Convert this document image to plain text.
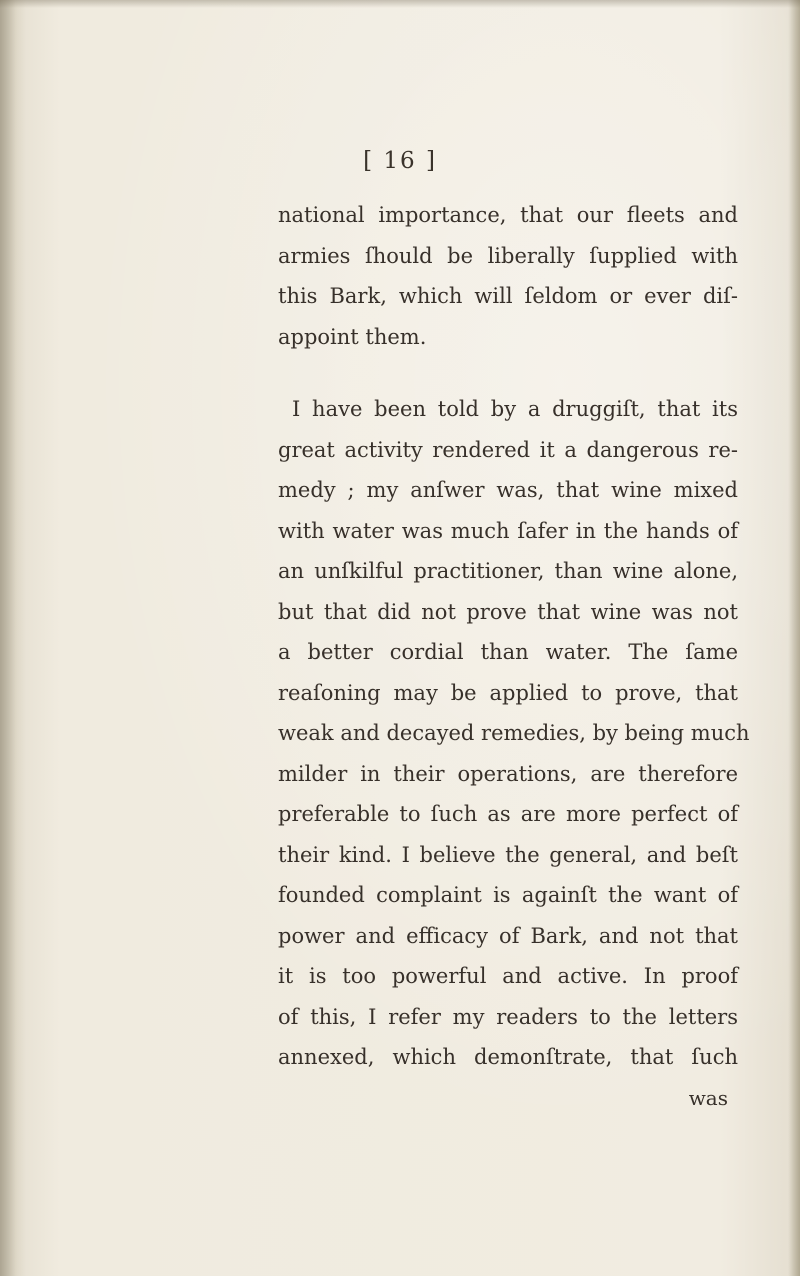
[ 16 ]
national importance, that our fleets and
armies ſhould be liberally ſupplied with
this Bark, which will ſeldom or ever diſ-
appoint them.
I have been told by a druggiſt, that its
great activity rendered it a dangerous re-
medy ; my anſwer was, that wine mixed
with water was much ſafer in the hands of
an unſkilful practitioner, than wine alone,
but that did not prove that wine was not
a better cordial than water. The ſame
reaſoning may be applied to prove, that
weak and decayed remedies, by being much
milder in their operations, are therefore
preferable to ſuch as are more perfect of
their kind. I believe the general, and beſt
founded complaint is againſt the want of
power and efficacy of Bark, and not that
it is too powerful and active. In proof
of this, I refer my readers to the letters
annexed, which demonſtrate, that ſuch
was
